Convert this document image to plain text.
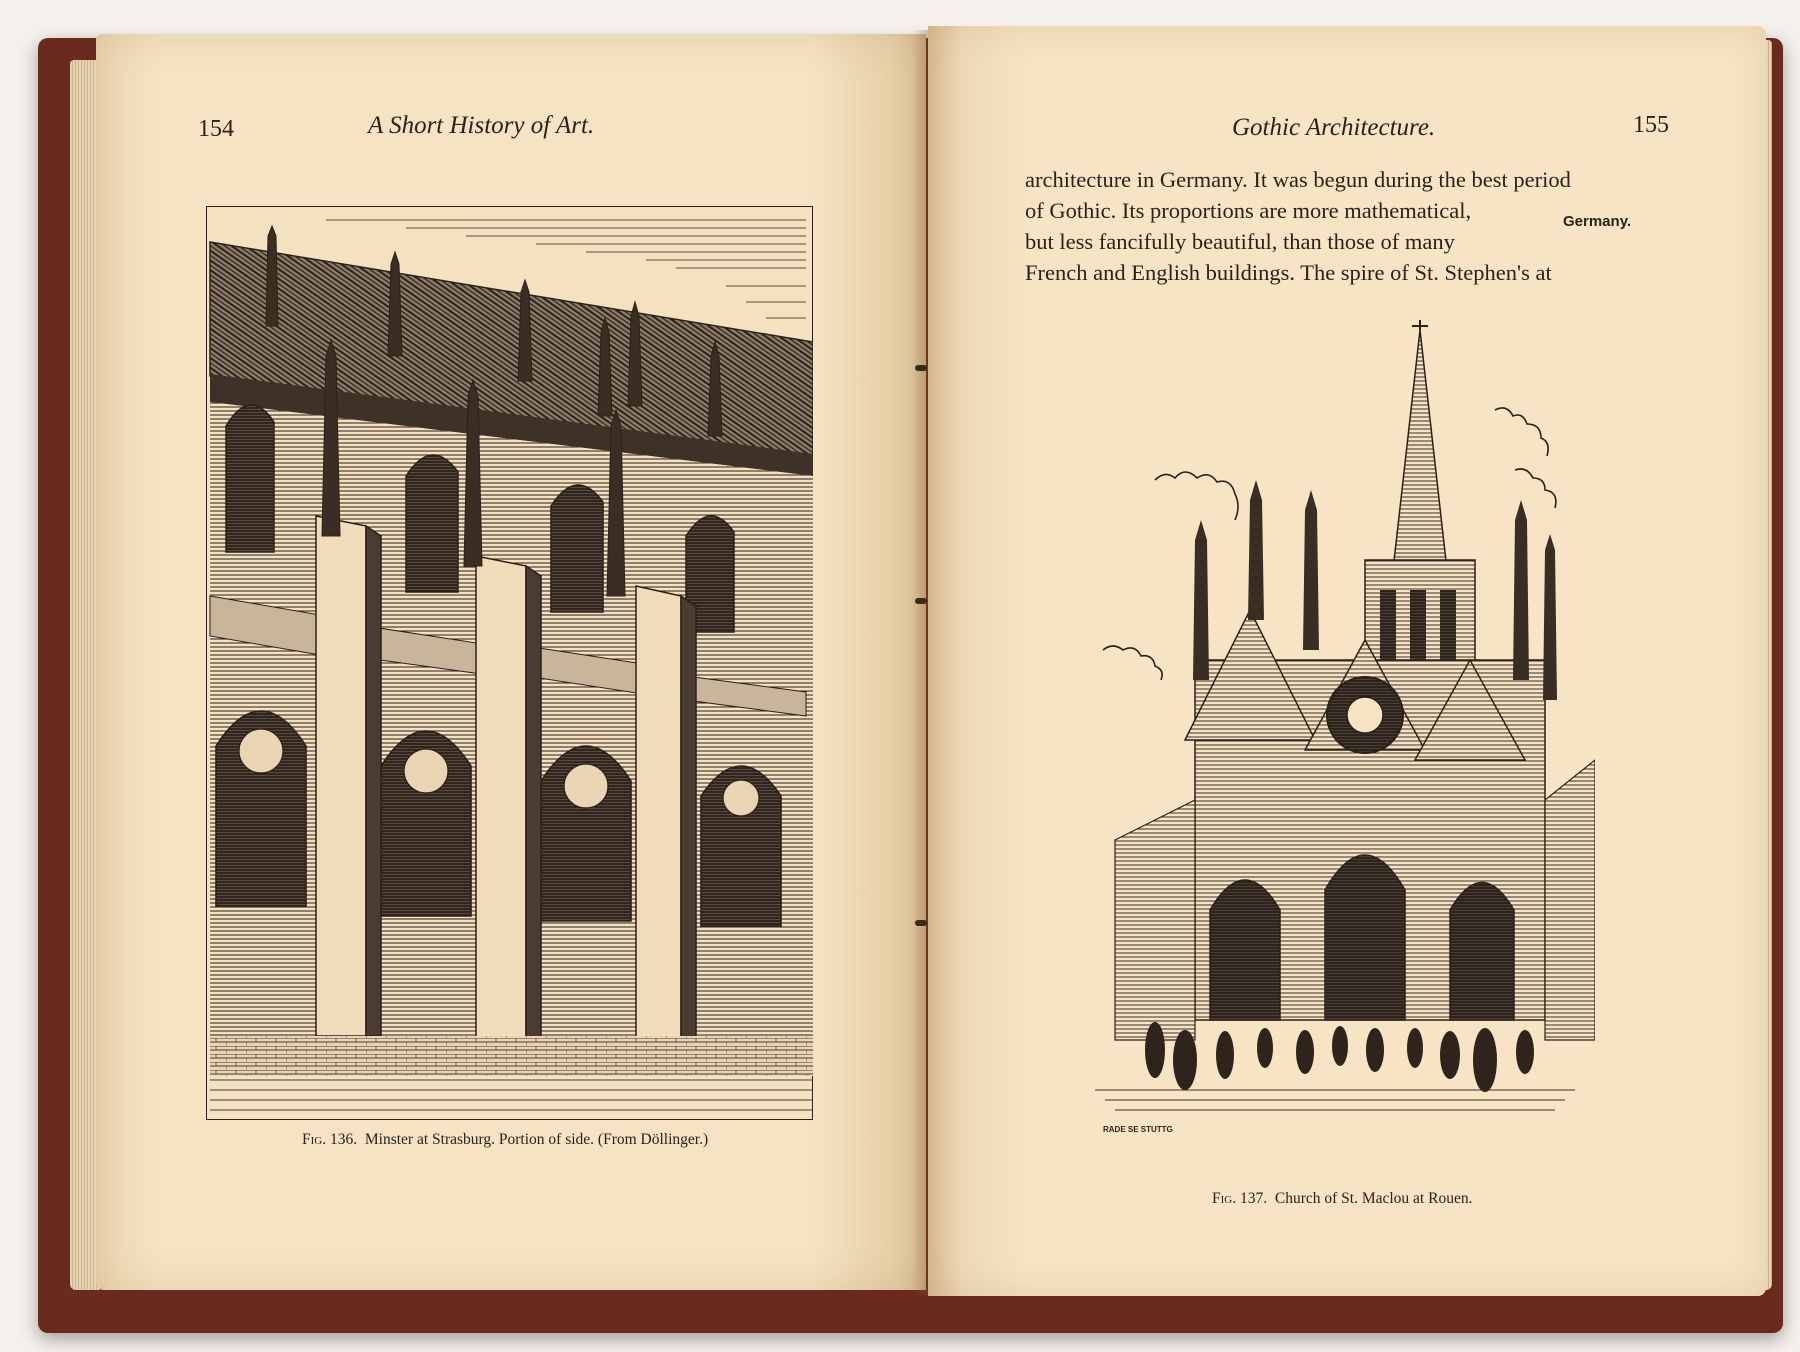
154	A Short History of Art.
Fig. 136. Minster at Strasburg. Portion of side. (From Döllinger.)
Gothic Architecture.	155
architecture in Germany. It was begun during the best period
of Gothic. Its proportions are more mathematical,
but less fancifully beautiful, than those of many
French and English buildings. The spire of St. Stephen's at
Germany.
RADE SE STUTTG
Fig. 137. Church of St. Maclou at Rouen.
